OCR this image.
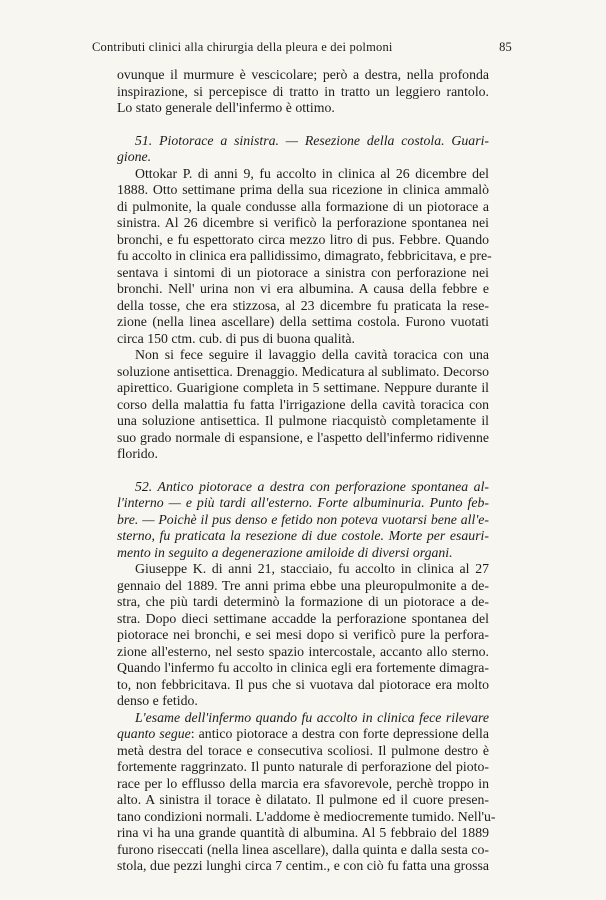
Contributi clinici alla chirurgia della pleura e dei polmoni	85
ovunque il murmure è vescicolare; però a destra, nella profonda
inspirazione, si percepisce di tratto in tratto un leggiero rantolo.
Lo stato generale dell'infermo è ottimo.
51. Piotorace a sinistra. — Resezione della costola. Guari-
gione.
Ottokar P. di anni 9, fu accolto in clinica al 26 dicembre del
1888. Otto settimane prima della sua ricezione in clinica ammalò
di pulmonite, la quale condusse alla formazione di un piotorace a
sinistra. Al 26 dicembre si verificò la perforazione spontanea nei
bronchi, e fu espettorato circa mezzo litro di pus. Febbre. Quando
fu accolto in clinica era pallidissimo, dimagrato, febbricitava, e pre-
sentava i sintomi di un piotorace a sinistra con perforazione nei
bronchi. Nell' urina non vi era albumina. A causa della febbre e
della tosse, che era stizzosa, al 23 dicembre fu praticata la rese-
zione (nella linea ascellare) della settima costola. Furono vuotati
circa 150 ctm. cub. di pus di buona qualità.
Non si fece seguire il lavaggio della cavità toracica con una
soluzione antisettica. Drenaggio. Medicatura al sublimato. Decorso
apirettico. Guarigione completa in 5 settimane. Neppure durante il
corso della malattia fu fatta l'irrigazione della cavità toracica con
una soluzione antisettica. Il pulmone riacquistò completamente il
suo grado normale di espansione, e l'aspetto dell'infermo ridivenne
florido.
52. Antico piotorace a destra con perforazione spontanea al-
l'interno — e più tardi all'esterno. Forte albuminuria. Punto feb-
bre. — Poichè il pus denso e fetido non poteva vuotarsi bene all'e-
sterno, fu praticata la resezione di due costole. Morte per esauri-
mento in seguito a degenerazione amiloide di diversi organi.
Giuseppe K. di anni 21, stacciaio, fu accolto in clinica al 27
gennaio del 1889. Tre anni prima ebbe una pleuropulmonite a de-
stra, che più tardi determinò la formazione di un piotorace a de-
stra. Dopo dieci settimane accadde la perforazione spontanea del
piotorace nei bronchi, e sei mesi dopo si verificò pure la perfora-
zione all'esterno, nel sesto spazio intercostale, accanto allo sterno.
Quando l'infermo fu accolto in clinica egli era fortemente dimagra-
to, non febbricitava. Il pus che si vuotava dal piotorace era molto
denso e fetido.
L'esame dell'infermo quando fu accolto in clinica fece rilevare
quanto segue: antico piotorace a destra con forte depressione della
metà destra del torace e consecutiva scoliosi. Il pulmone destro è
fortemente raggrinzato. Il punto naturale di perforazione del pioto-
race per lo efflusso della marcia era sfavorevole, perchè troppo in
alto. A sinistra il torace è dilatato. Il pulmone ed il cuore presen-
tano condizioni normali. L'addome è mediocremente tumido. Nell'u-
rina vi ha una grande quantità di albumina. Al 5 febbraio del 1889
furono riseccati (nella linea ascellare), dalla quinta e dalla sesta co-
stola, due pezzi lunghi circa 7 centim., e con ciò fu fatta una grossa
